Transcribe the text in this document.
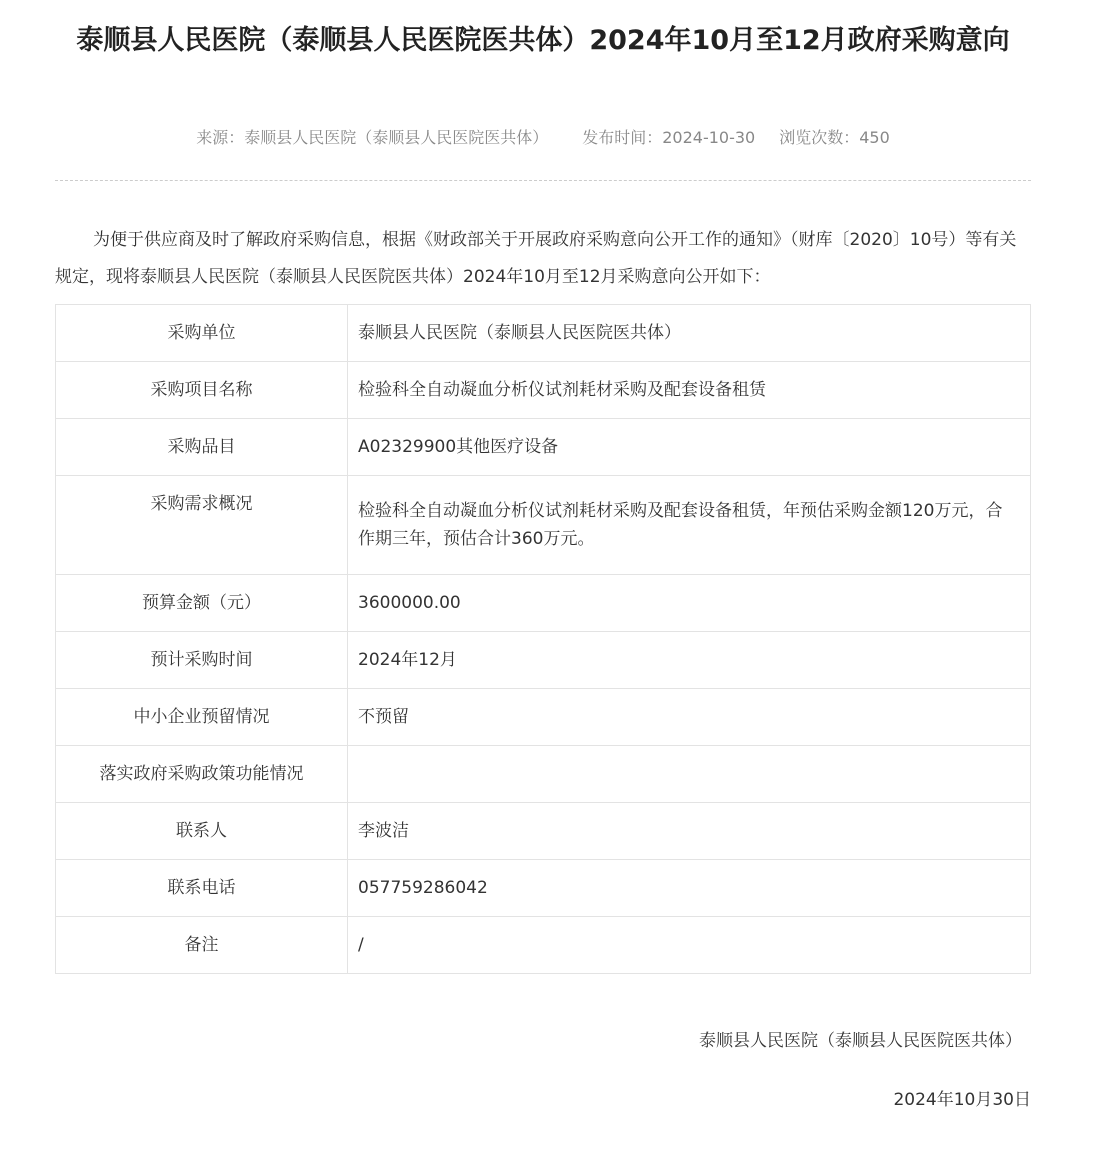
泰顺县人民医院（泰顺县人民医院医共体）2024年10月至12月政府采购意向
来源：泰顺县人民医院（泰顺县人民医院医共体） 发布时间：2024-10-30 浏览次数：450

为便于供应商及时了解政府采购信息，根据《财政部关于开展政府采购意向公开工作的通知》（财库〔2020〕10号）等有关规定，现将泰顺县人民医院（泰顺县人民医院医共体）2024年10月至12月采购意向公开如下：

采购单位	泰顺县人民医院（泰顺县人民医院医共体）
采购项目名称	检验科全自动凝血分析仪试剂耗材采购及配套设备租赁
采购品目	A02329900其他医疗设备
采购需求概况	检验科全自动凝血分析仪试剂耗材采购及配套设备租赁，年预估采购金额120万元，合作期三年，预估合计360万元。
预算金额（元）	3600000.00
预计采购时间	2024年12月
中小企业预留情况	不预留
落实政府采购政策功能情况	
联系人	李波洁
联系电话	057759286042
备注	/
泰顺县人民医院（泰顺县人民医院医共体）
2024年10月30日
